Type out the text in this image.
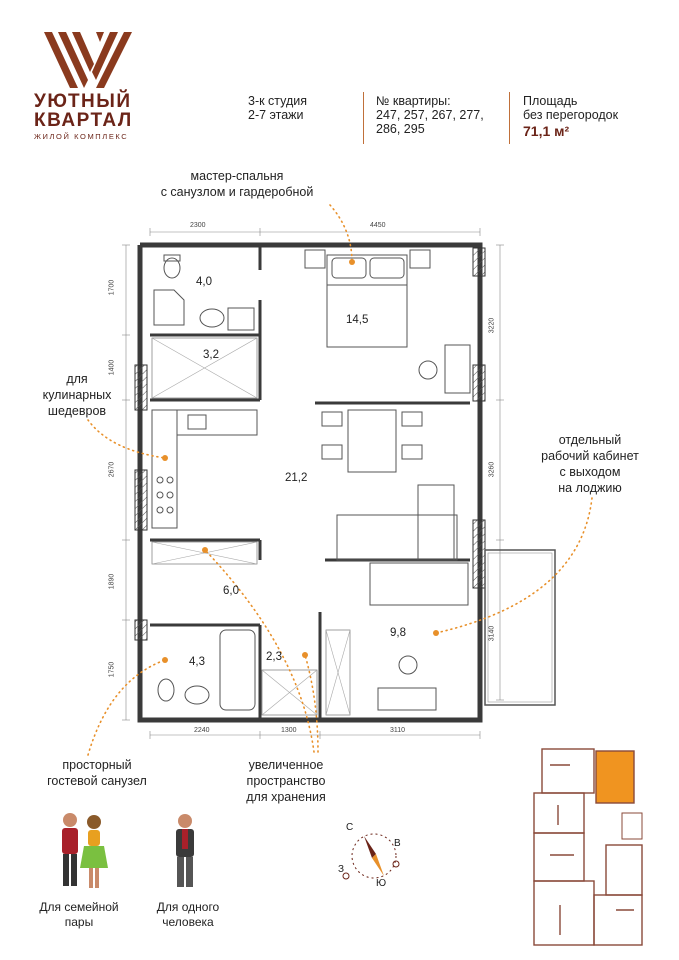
УЮТНЫЙ
КВАРТАЛ
ЖИЛОЙ КОМПЛЕКС
3-к студия
2-7 этажи
№ квартиры:
247, 257, 267, 277,
286, 295
Площадь
без перегородок
71,1 м²
мастер-спальня
с санузлом и гардеробной
для
кулинарных
шедевров
отдельный
рабочий кабинет
с выходом
на лоджию
просторный
гостевой санузел
увеличенное
пространство
для хранения
4,0
14,5
3,2
21,2
6,0
9,8
4,3	2,3
2300	4450
1700
1400
2670
1890
1750
3220
3260
3140
2240	1300	3110
С
В
З
Ю
Для семейной
пары
Для одного
человека
